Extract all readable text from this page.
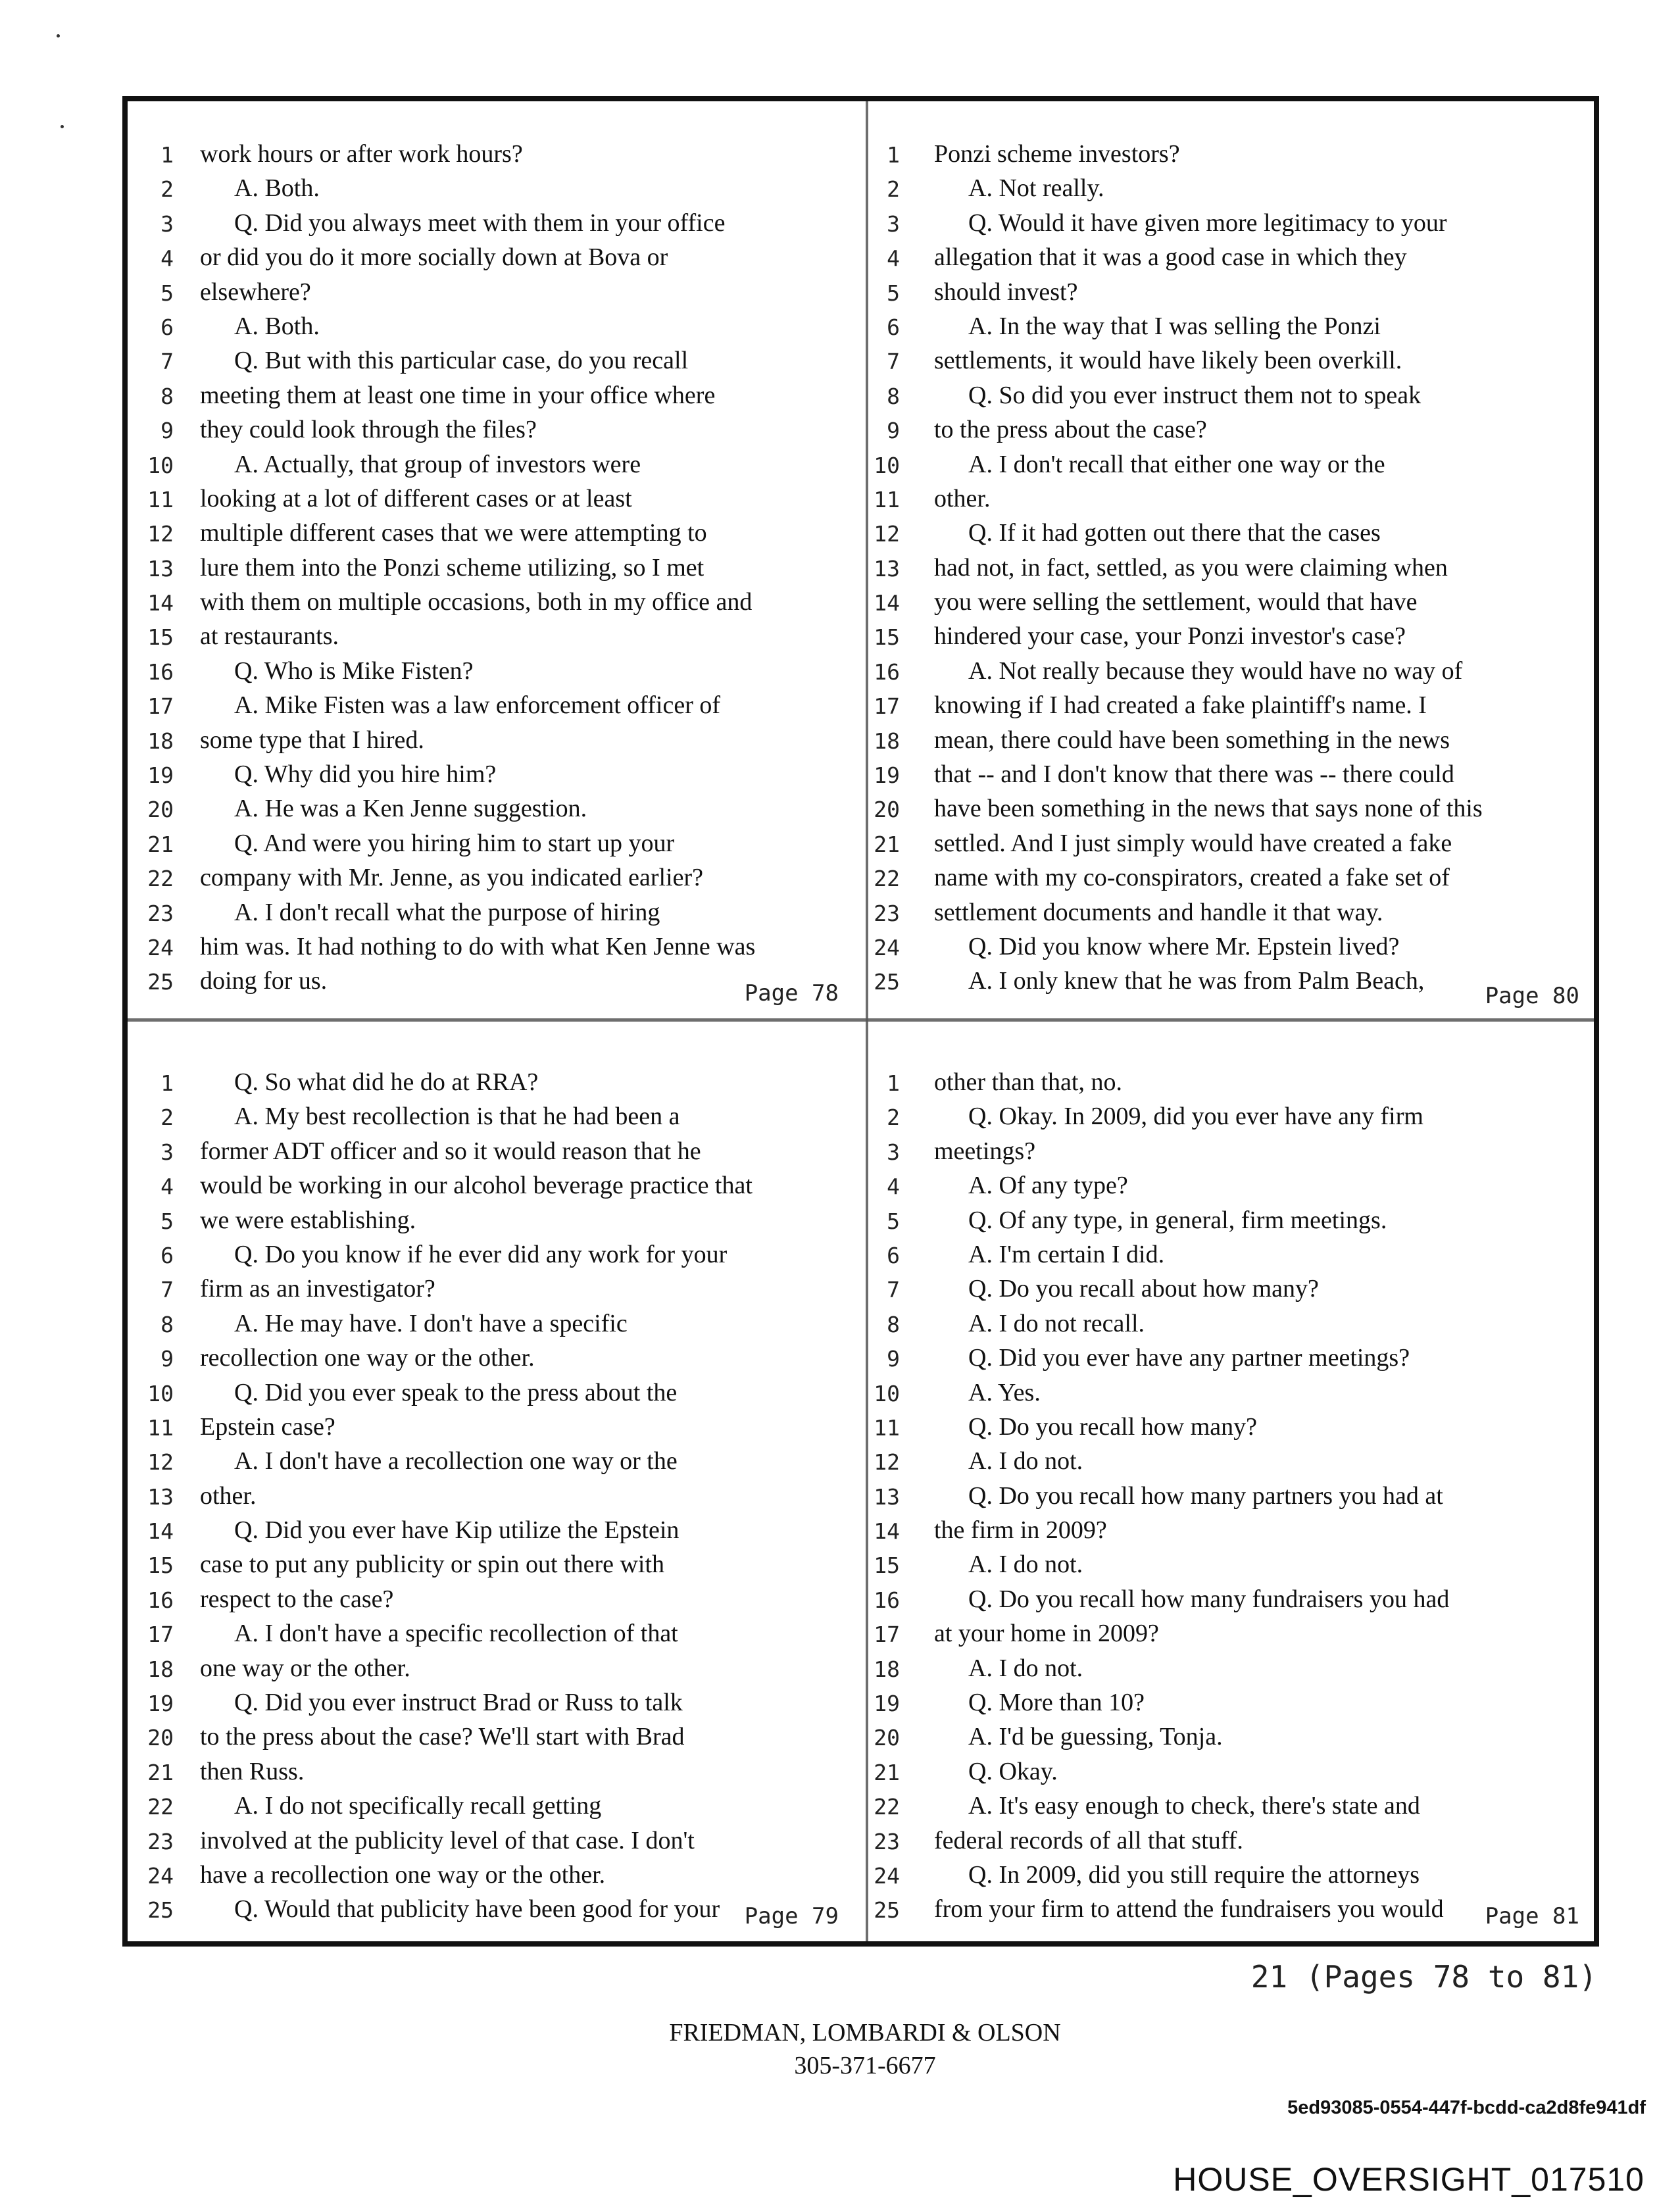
1 work hours or after work hours?
2	A. Both.
3	Q. Did you always meet with them in your office
4 or did you do it more socially down at Bova or
5 elsewhere?
6	A. Both.
7	Q. But with this particular case, do you recall
8 meeting them at least one time in your office where
9 they could look through the files?
10	A. Actually, that group of investors were
11 looking at a lot of different cases or at least
12 multiple different cases that we were attempting to
13 lure them into the Ponzi scheme utilizing, so I met
14 with them on multiple occasions, both in my office and
15 at restaurants.
16	Q. Who is Mike Fisten?
17	A. Mike Fisten was a law enforcement officer of
18 some type that I hired.
19	Q. Why did you hire him?
20	A. He was a Ken Jenne suggestion.
21	Q. And were you hiring him to start up your
22 company with Mr. Jenne, as you indicated earlier?
23	A. I don't recall what the purpose of hiring
24 him was. It had nothing to do with what Ken Jenne was
25 doing for us.	Page 78
1 Ponzi scheme investors?
2	A. Not really.
3	Q. Would it have given more legitimacy to your
4 allegation that it was a good case in which they
5 should invest?
6	A. In the way that I was selling the Ponzi
7 settlements, it would have likely been overkill.
8	Q. So did you ever instruct them not to speak
9 to the press about the case?
10	A. I don't recall that either one way or the
11 other.
12	Q. If it had gotten out there that the cases
13 had not, in fact, settled, as you were claiming when
14 you were selling the settlement, would that have
15 hindered your case, your Ponzi investor's case?
16	A. Not really because they would have no way of
17 knowing if I had created a fake plaintiff's name. I
18 mean, there could have been something in the news
19 that -- and I don't know that there was -- there could
20 have been something in the news that says none of this
21 settled. And I just simply would have created a fake
22 name with my co-conspirators, created a fake set of
23 settlement documents and handle it that way.
24	Q. Did you know where Mr. Epstein lived?
25	A. I only knew that he was from Palm Beach,
Page 80
1	Q. So what did he do at RRA?
2	A. My best recollection is that he had been a
3 former ADT officer and so it would reason that he
4 would be working in our alcohol beverage practice that
5 we were establishing.
6	Q. Do you know if he ever did any work for your
7 firm as an investigator?
8	A. He may have. I don't have a specific
9 recollection one way or the other.
10	Q. Did you ever speak to the press about the
11 Epstein case?
12	A. I don't have a recollection one way or the
13 other.
14	Q. Did you ever have Kip utilize the Epstein
15 case to put any publicity or spin out there with
16 respect to the case?
17	A. I don't have a specific recollection of that
18 one way or the other.
19	Q. Did you ever instruct Brad or Russ to talk
20 to the press about the case? We'll start with Brad
21 then Russ.
22	A. I do not specifically recall getting
23 involved at the publicity level of that case. I don't
24 have a recollection one way or the other.
25	Q. Would that publicity have been good for your Page 79
1 other than that, no.
2	Q. Okay. In 2009, did you ever have any firm
3 meetings?
4	A. Of any type?
5	Q. Of any type, in general, firm meetings.
6	A. I'm certain I did.
7	Q. Do you recall about how many?
8	A. I do not recall.
9	Q. Did you ever have any partner meetings?
10	A. Yes.
11	Q. Do you recall how many?
12	A. I do not.
13	Q. Do you recall how many partners you had at
14 the firm in 2009?
15	A. I do not.
16	Q. Do you recall how many fundraisers you had
17 at your home in 2009?
18	A. I do not.
19	Q. More than 10?
20	A. I'd be guessing, Tonja.
21	Q. Okay.
22	A. It's easy enough to check, there's state and
23 federal records of all that stuff.
24	Q. In 2009, did you still require the attorneys
25 from your firm to attend the fundraisers you would Page 81
21 (Pages 78 to 81)
FRIEDMAN, LOMBARDI & OLSON
305-371-6677
5ed93085-0554-447f-bcdd-ca2d8fe941df
HOUSE_OVERSIGHT_017510
